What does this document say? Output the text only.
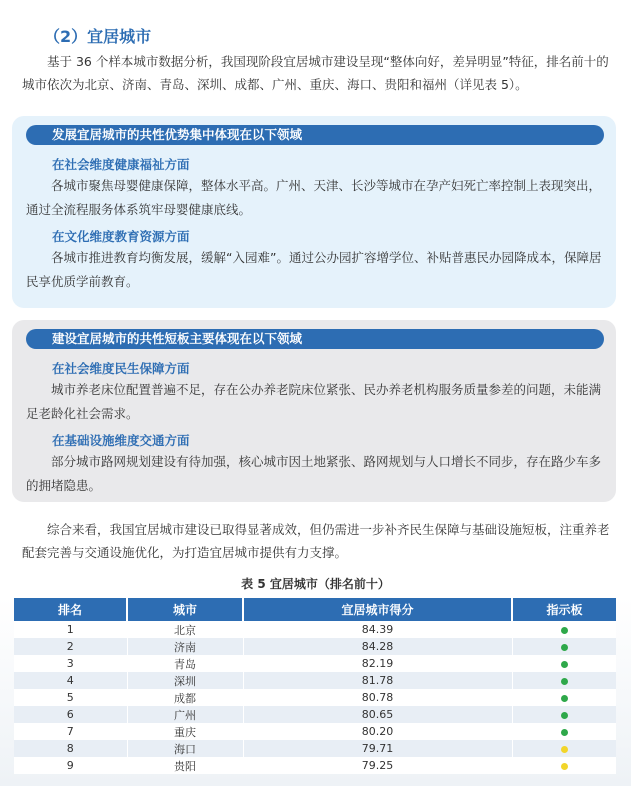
（2）宜居城市
基于 36 个样本城市数据分析，我国现阶段宜居城市建设呈现“整体向好，差异明显”特征，排名前十的城市依次为北京、济南、青岛、深圳、成都、广州、重庆、海口、贵阳和福州（详见表 5）。
发展宜居城市的共性优势集中体现在以下领域
在社会维度健康福祉方面
各城市聚焦母婴健康保障，整体水平高。广州、天津、长沙等城市在孕产妇死亡率控制上表现突出，通过全流程服务体系筑牢母婴健康底线。
在文化维度教育资源方面
各城市推进教育均衡发展，缓解“入园难”。通过公办园扩容增学位、补贴普惠民办园降成本，保障居民享优质学前教育。
建设宜居城市的共性短板主要体现在以下领域
在社会维度民生保障方面
城市养老床位配置普遍不足，存在公办养老院床位紧张、民办养老机构服务质量参差的问题，未能满足老龄化社会需求。
在基础设施维度交通方面
部分城市路网规划建设有待加强，核心城市因土地紧张、路网规划与人口增长不同步，存在路少车多的拥堵隐患。
综合来看，我国宜居城市建设已取得显著成效，但仍需进一步补齐民生保障与基础设施短板，注重养老配套完善与交通设施优化，为打造宜居城市提供有力支撑。
表 5 宜居城市（排名前十）
排名	城市	宜居城市得分	指示板
1	北京	84.39	
2	济南	84.28	
3	青岛	82.19	
4	深圳	81.78	
5	成都	80.78	
6	广州	80.65	
7	重庆	80.20	
8	海口	79.71	
9	贵阳	79.25	
